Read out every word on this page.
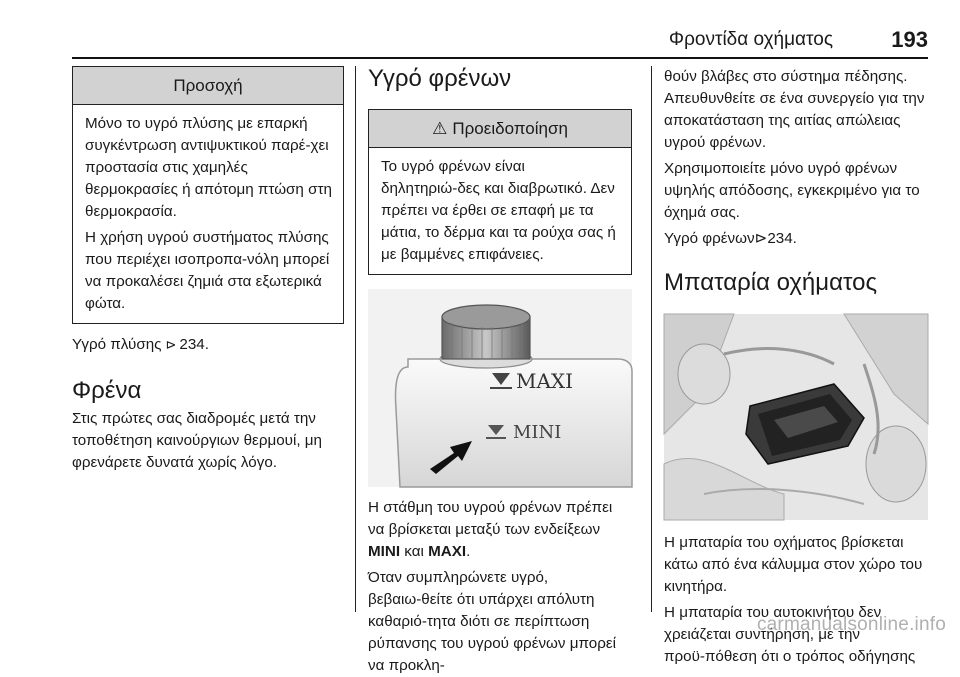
Φροντίδα οχήματος	193
Προσοχή

Μόνο το υγρό πλύσης με επαρκή συγκέντρωση αντιψυκτικού παρέ‑χει προστασία στις χαμηλές θερμοκρασίες ή απότομη πτώση στη θερμοκρασία.

Η χρήση υγρού συστήματος πλύσης που περιέχει ισοπροπα‑νόλη μπορεί να προκαλέσει ζημιά στα εξωτερικά φώτα.

Υγρό πλύσης ⊳ 234.
Φρένα

Στις πρώτες σας διαδρομές μετά την τοποθέτηση καινούργιων θερμουί, μη φρενάρετε δυνατά χωρίς λόγο.

Υγρό φρένων
⚠ Προειδοποίηση

Το υγρό φρένων είναι δηλητηριώ‑δες και διαβρωτικό. Δεν πρέπει να έρθει σε επαφή με τα μάτια, το δέρμα και τα ρούχα σας ή με βαμμένες επιφάνειες.

MAXI
MINI

Η στάθμη του υγρού φρένων πρέπει να βρίσκεται μεταξύ των ενδείξεων MINI και MAXI.

Όταν συμπληρώνετε υγρό, βεβαιω‑θείτε ότι υπάρχει απόλυτη καθαριό‑τητα διότι σε περίπτωση ρύπανσης του υγρού φρένων μπορεί να προκλη‑

θούν βλάβες στο σύστημα πέδησης. Απευθυνθείτε σε ένα συνεργείο για την αποκατάσταση της αιτίας απώλειας υγρού φρένων.

Χρησιμοποιείτε μόνο υγρό φρένων υψηλής απόδοσης, εγκεκριμένο για το όχημά σας.

Υγρό φρένων⊳234.
Μπαταρία οχήματος

Η μπαταρία του οχήματος βρίσκεται κάτω από ένα κάλυμμα στον χώρο του κινητήρα.

Η μπαταρία του αυτοκινήτου δεν χρειάζεται συντήρηση, με την προϋ‑πόθεση ότι ο τρόπος οδήγησης

carmanualsonline.info
